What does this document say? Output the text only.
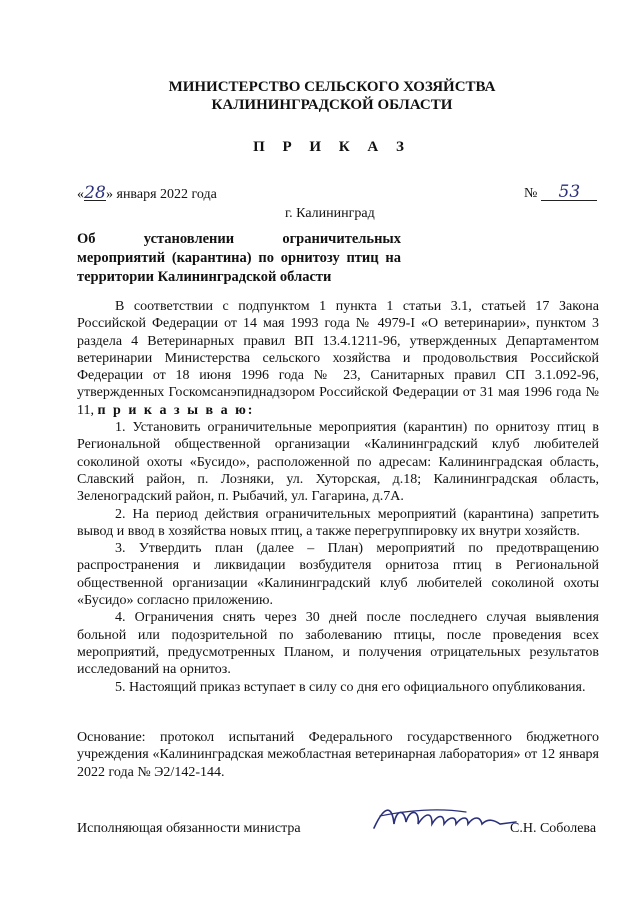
МИНИСТЕРСТВО СЕЛЬСКОГО ХОЗЯЙСТВА
КАЛИНИНГРАДСКОЙ ОБЛАСТИ
П Р И К А З
«28» января 2022 года	№ 53
г. Калининград
Об установлении ограничительных
мероприятий (карантина) по орнитозу птиц на
территории Калининградской области

В соответствии с подпунктом 1 пункта 1 статьи 3.1, статьей 17 Закона Российской Федерации от 14 мая 1993 года № 4979-I «О ветеринарии», пунктом 3 раздела 4 Ветеринарных правил ВП 13.4.1211-96, утвержденных Департаментом ветеринарии Министерства сельского хозяйства и продовольствия Российской Федерации от 18 июня 1996 года № 23, Санитарных правил СП 3.1.092-96, утвержденных Госкомсанэпиднадзором Российской Федерации от 31 мая 1996 года № 11, п р и к а з ы в а ю:

1. Установить ограничительные мероприятия (карантин) по орнитозу птиц в Региональной общественной организации «Калининградский клуб любителей соколиной охоты «Бусидо», расположенной по адресам: Калининградская область, Славский район, п. Лозняки, ул. Хуторская, д.18; Калининградская область, Зеленоградский район, п. Рыбачий, ул. Гагарина, д.7А.

2. На период действия ограничительных мероприятий (карантина) запретить вывод и ввод в хозяйства новых птиц, а также перегруппировку их внутри хозяйств.

3. Утвердить план (далее – План) мероприятий по предотвращению распространения и ликвидации возбудителя орнитоза птиц в Региональной общественной организации «Калининградский клуб любителей соколиной охоты «Бусидо» согласно приложению.

4. Ограничения снять через 30 дней после последнего случая выявления больной или подозрительной по заболеванию птицы, после проведения всех мероприятий, предусмотренных Планом, и получения отрицательных результатов исследований на орнитоз.

5. Настоящий приказ вступает в силу со дня его официального опубликования.

Основание: протокол испытаний Федерального государственного бюджетного учреждения «Калининградская межобластная ветеринарная лаборатория» от 12 января 2022 года № Э2/142-144.
Исполняющая обязанности министра	С.Н. Соболева
